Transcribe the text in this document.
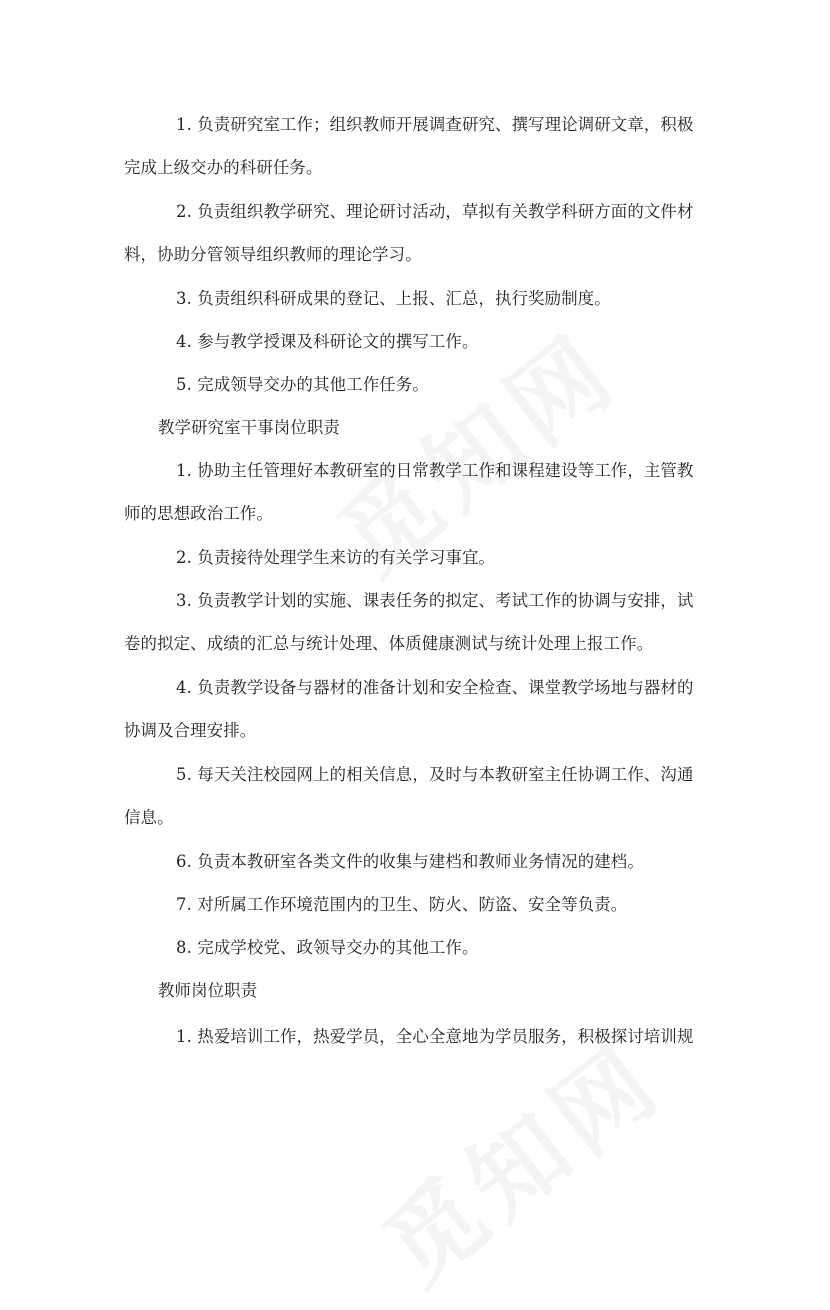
1. 负责研究室工作；组织教师开展调查研究、撰写理论调研文章，积极
完成上级交办的科研任务。
2. 负责组织教学研究、理论研讨活动，草拟有关教学科研方面的文件材
料，协助分管领导组织教师的理论学习。
3. 负责组织科研成果的登记、上报、汇总，执行奖励制度。
4. 参与教学授课及科研论文的撰写工作。
5. 完成领导交办的其他工作任务。
教学研究室干事岗位职责
1. 协助主任管理好本教研室的日常教学工作和课程建设等工作，主管教
师的思想政治工作。
2. 负责接待处理学生来访的有关学习事宜。
3. 负责教学计划的实施、课表任务的拟定、考试工作的协调与安排，试
卷的拟定、成绩的汇总与统计处理、体质健康测试与统计处理上报工作。
4. 负责教学设备与器材的准备计划和安全检查、课堂教学场地与器材的
协调及合理安排。
5. 每天关注校园网上的相关信息，及时与本教研室主任协调工作、沟通
信息。
6. 负责本教研室各类文件的收集与建档和教师业务情况的建档。
7. 对所属工作环境范围内的卫生、防火、防盗、安全等负责。
8. 完成学校党、政领导交办的其他工作。
教师岗位职责
1. 热爱培训工作，热爱学员，全心全意地为学员服务，积极探讨培训规
